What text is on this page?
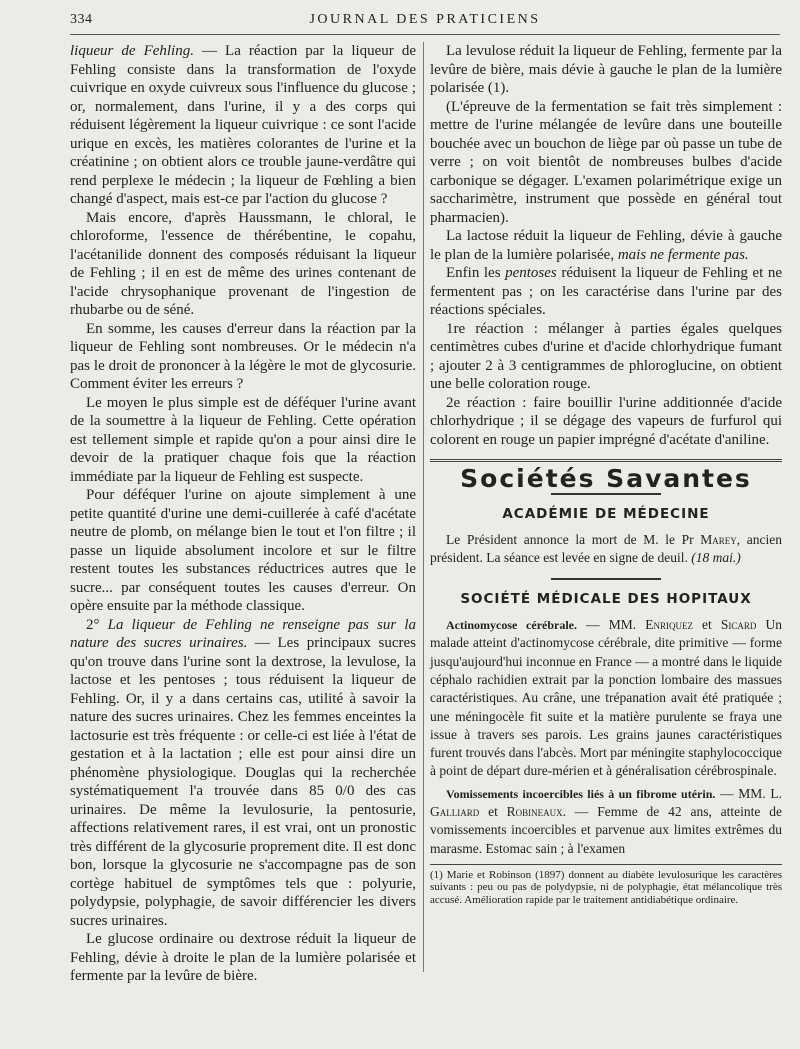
334	JOURNAL DES PRATICIENS

liqueur de Fehling. — La réaction par la liqueur de Fehling consiste dans la transformation de l'oxyde cuivrique en oxyde cuivreux sous l'influence du glucose ; or, normalement, dans l'urine, il y a des corps qui réduisent légèrement la liqueur cuivrique : ce sont l'acide urique en excès, les matières colorantes de l'urine et la créatinine ; on obtient alors ce trouble jaune-verdâtre qui rend perplexe le médecin ; la liqueur de Fœhling a bien changé d'aspect, mais est-ce par l'action du glucose ?

Mais encore, d'après Haussmann, le chloral, le chloroforme, l'essence de thérébentine, le copahu, l'acétanilide donnent des composés réduisant la liqueur de Fehling ; il en est de même des urines contenant de l'acide chrysophanique provenant de l'ingestion de rhubarbe ou de séné.

En somme, les causes d'erreur dans la réaction par la liqueur de Fehling sont nombreuses. Or le médecin n'a pas le droit de prononcer à la légère le mot de glycosurie. Comment éviter les erreurs ?

Le moyen le plus simple est de déféquer l'urine avant de la soumettre à la liqueur de Fehling. Cette opération est tellement simple et rapide qu'on a pour ainsi dire le devoir de la pratiquer chaque fois que la réaction immédiate par la liqueur de Fehling est suspecte.

Pour déféquer l'urine on ajoute simplement à une petite quantité d'urine une demi-cuillerée à café d'acétate neutre de plomb, on mélange bien le tout et l'on filtre ; il passe un liquide absolument incolore et sur le filtre restent toutes les substances réductrices autres que le sucre... par conséquent toutes les causes d'erreur. On opère ensuite par la méthode classique.

2° La liqueur de Fehling ne renseigne pas sur la nature des sucres urinaires. — Les principaux sucres qu'on trouve dans l'urine sont la dextrose, la levulose, la lactose et les pentoses ; tous réduisent la liqueur de Fehling. Or, il y a dans certains cas, utilité à savoir la nature des sucres urinaires. Chez les femmes enceintes la lactosurie est très fréquente : or celle-ci est liée à l'état de gestation et à la lactation ; elle est pour ainsi dire un phénomène physiologique. Douglas qui la recherchée systématiquement l'a trouvée dans 85 0/0 des cas urinaires. De même la levulosurie, la pentosurie, affections relativement rares, il est vrai, ont un pronostic très différent de la glycosurie proprement dite. Il est donc bon, lorsque la glycosurie ne s'accompagne pas de son cortège habituel de symptômes tels que : polyurie, polydypsie, polyphagie, de savoir différencier les divers sucres urinaires.

Le glucose ordinaire ou dextrose réduit la liqueur de Fehling, dévie à droite le plan de la lumière polarisée et fermente par la levûre de bière.

La levulose réduit la liqueur de Fehling, fermente par la levûre de bière, mais dévie à gauche le plan de la lumière polarisée (1).

(L'épreuve de la fermentation se fait très simplement : mettre de l'urine mélangée de levûre dans une bouteille bouchée avec un bouchon de liège par où passe un tube de verre ; on voit bientôt de nombreuses bulbes d'acide carbonique se dégager. L'examen polarimétrique exige un saccharimètre, instrument que possède en général tout pharmacien).

La lactose réduit la liqueur de Fehling, dévie à gauche le plan de la lumière polarisée, mais ne fermente pas.

Enfin les pentoses réduisent la liqueur de Fehling et ne fermentent pas ; on les caractérise dans l'urine par des réactions spéciales.

1re réaction : mélanger à parties égales quelques centimètres cubes d'urine et d'acide chlorhydrique fumant ; ajouter 2 à 3 centigrammes de phloroglucine, on obtient une belle coloration rouge.

2e réaction : faire bouillir l'urine additionnée d'acide chlorhydrique ; il se dégage des vapeurs de furfurol qui colorent en rouge un papier imprégné d'acétate d'aniline.

Sociétés Savantes
ACADÉMIE DE MÉDECINE

Le Président annonce la mort de M. le Pr Marey, ancien président. La séance est levée en signe de deuil. (18 mai.)

SOCIÉTÉ MÉDICALE DES HOPITAUX

Actinomycose cérébrale. — MM. Enriquez et Sicard Un malade atteint d'actinomycose cérébrale, dite primitive — forme jusqu'aujourd'hui inconnue en France — a montré dans le liquide céphalo rachidien extrait par la ponction lombaire des massues caractéristiques. Au crâne, une trépanation avait été pratiquée ; une méningocèle fit suite et la matière purulente se fraya une issue à travers ses parois. Les grains jaunes caractéristiques furent trouvés dans l'abcès. Mort par méningite staphylococcique à point de départ dure-mérien et à généralisation cérébrospinale.

Vomissements incoercibles liés à un fibrome utérin. — MM. L. Galliard et Robineaux. — Femme de 42 ans, atteinte de vomissements incoercibles et parvenue aux limites extrêmes du marasme. Estomac sain ; à l'examen

(1) Marie et Robinson (1897) donnent au diabète levulosurique les caractères suivants : peu ou pas de polydypsie, ni de polyphagie, état mélancolique très accusé. Amélioration rapide par le traitement antidiabétique ordinaire.
